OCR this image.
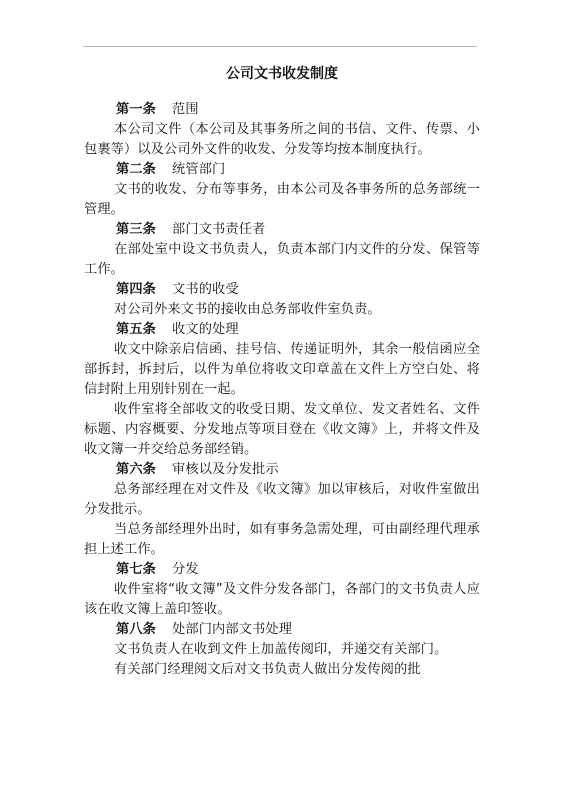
公司文书收发制度
第一条 范围
本公司文件（本公司及其事务所之间的书信、文件、传票、小包裹等）以及公司外文件的收发、分发等均按本制度执行。
第二条 统管部门
文书的收发、分布等事务，由本公司及各事务所的总务部统一管理。
第三条 部门文书责任者
在部处室中设文书负责人，负责本部门内文件的分发、保管等工作。
第四条 文书的收受
对公司外来文书的接收由总务部收件室负责。
第五条 收文的处理
收文中除亲启信函、挂号信、传递证明外，其余一般信函应全部拆封，拆封后，以件为单位将收文印章盖在文件上方空白处、将信封附上用别针别在一起。
收件室将全部收文的收受日期、发文单位、发文者姓名、文件标题、内容概要、分发地点等项目登在《收文簿》上，并将文件及收文簿一并交给总务部经销。
第六条 审核以及分发批示
总务部经理在对文件及《收文簿》加以审核后，对收件室做出分发批示。
当总务部经理外出时，如有事务急需处理，可由副经理代理承担上述工作。
第七条 分发
收件室将“收文簿”及文件分发各部门，各部门的文书负责人应该在收文簿上盖印签收。
第八条 处部门内部文书处理
文书负责人在收到文件上加盖传阅印，并递交有关部门。
有关部门经理阅文后对文书负责人做出分发传阅的批
